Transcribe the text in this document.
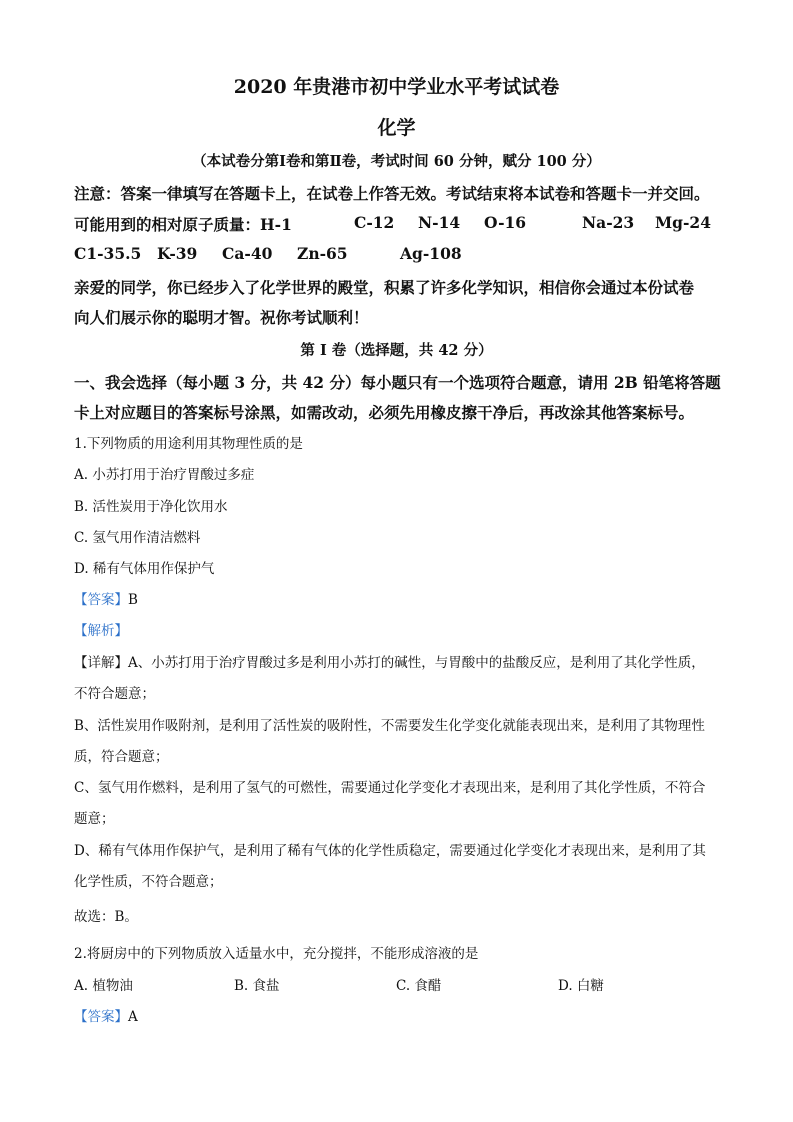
2020 年贵港市初中学业水平考试试卷
化学
（本试卷分第Ⅰ卷和第Ⅱ卷，考试时间 60 分钟，赋分 100 分）
注意：答案一律填写在答题卡上，在试卷上作答无效。考试结束将本试卷和答题卡一并交回。
可能用到的相对原子质量：H-1	C-12 N-14 O-16	Na-23 Mg-24
C1-35.5 K-39 Ca-40 Zn-65	Ag-108
亲爱的同学，你已经步入了化学世界的殿堂，积累了许多化学知识，相信你会通过本份试卷
向人们展示你的聪明才智。祝你考试顺利！
第 I 卷（选择题，共 42 分）
一、我会选择（每小题 3 分，共 42 分）每小题只有一个选项符合题意，请用 2B 铅笔将答题
卡上对应题目的答案标号涂黑，如需改动，必须先用橡皮擦干净后，再改涂其他答案标号。
1.下列物质的用途利用其物理性质的是
A. 小苏打用于治疗胃酸过多症
B. 活性炭用于净化饮用水
C. 氢气用作清洁燃料
D. 稀有气体用作保护气
【答案】B
【解析】
【详解】A、小苏打用于治疗胃酸过多是利用小苏打的碱性，与胃酸中的盐酸反应，是利用了其化学性质，
不符合题意；
B、活性炭用作吸附剂，是利用了活性炭的吸附性，不需要发生化学变化就能表现出来，是利用了其物理性
质，符合题意；
C、氢气用作燃料，是利用了氢气的可燃性，需要通过化学变化才表现出来，是利用了其化学性质，不符合
题意；
D、稀有气体用作保护气，是利用了稀有气体的化学性质稳定，需要通过化学变化才表现出来，是利用了其
化学性质，不符合题意；
故选：B。
2.将厨房中的下列物质放入适量水中，充分搅拌，不能形成溶液的是
A. 植物油	B. 食盐	C. 食醋	D. 白糖
【答案】A
